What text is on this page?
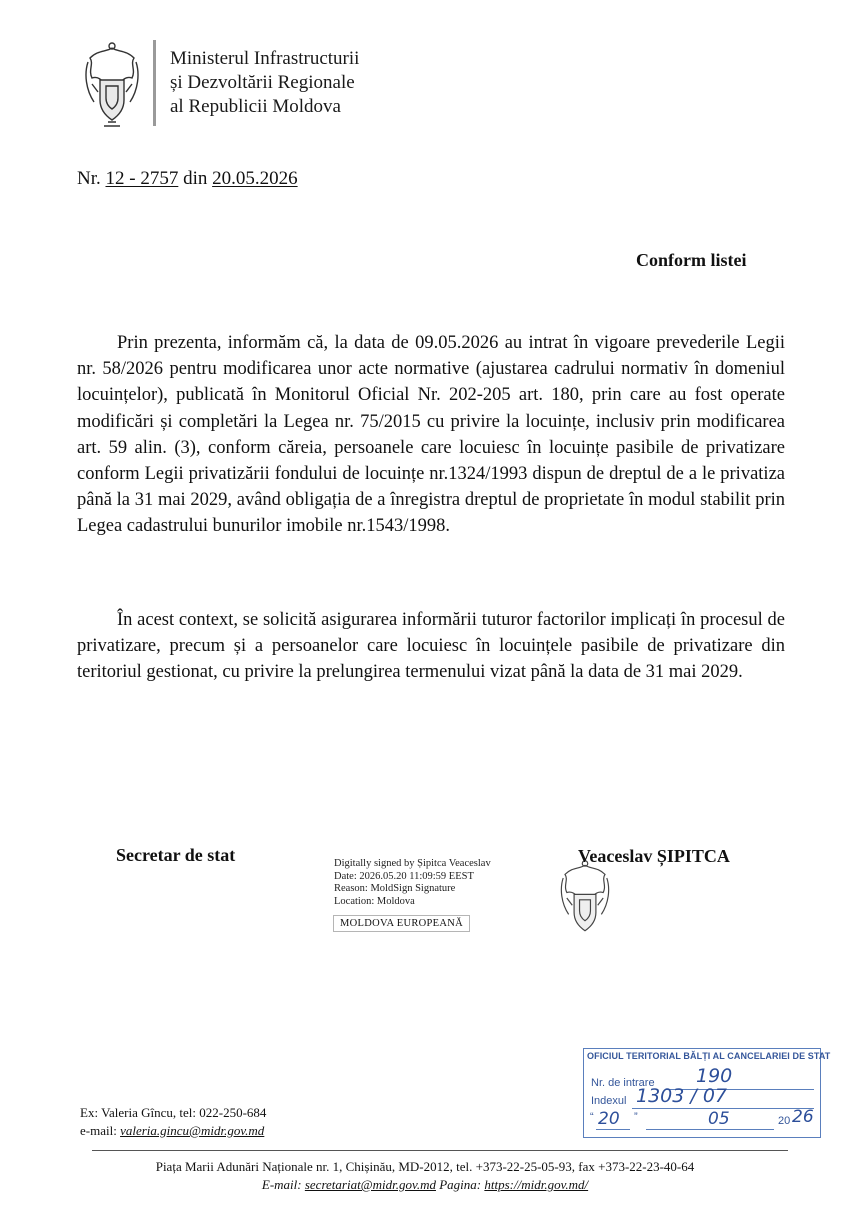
Ministerul Infrastructurii
și Dezvoltării Regionale
al Republicii Moldova
Nr. 12 - 2757 din 20.05.2026
Conform listei

Prin prezenta, informăm că, la data de 09.05.2026 au intrat în vigoare prevederile Legii nr. 58/2026 pentru modificarea unor acte normative (ajustarea cadrului normativ în domeniul locuințelor), publicată în Monitorul Oficial Nr. 202-205 art. 180, prin care au fost operate modificări și completări la Legea nr. 75/2015 cu privire la locuințe, inclusiv prin modificarea art. 59 alin. (3), conform căreia, persoanele care locuiesc în locuințe pasibile de privatizare conform Legii privatizării fondului de locuințe nr.1324/1993 dispun de dreptul de a le privatiza până la 31 mai 2029, având obligația de a înregistra dreptul de proprietate în modul stabilit prin Legea cadastrului bunurilor imobile nr.1543/1998.

În acest context, se solicită asigurarea informării tuturor factorilor implicați în procesul de privatizare, precum și a persoanelor care locuiesc în locuințele pasibile de privatizare din teritoriul gestionat, cu privire la prelungirea termenului vizat până la data de 31 mai 2029.

Secretar de stat	Digitally signed by Șipitca Veaceslav
Date: 2026.05.20 11:09:59 EEST
Reason: MoldSign Signature
Location: Moldova
MOLDOVA EUROPEANĂ
Veaceslav ȘIPITCA
Ex: Valeria Gîncu, tel: 022-250-684
e-mail: valeria.gincu@midr.gov.md
OFICIUL TERITORIAL BĂLȚI AL CANCELARIEI DE STAT
Nr. de intrare 190
Indexul 1303 / 07
“ 20 ”	05	20 26
Piața Marii Adunări Naționale nr. 1, Chișinău, MD-2012, tel. +373-22-25-05-93, fax +373-22-23-40-64
E-mail: secretariat@midr.gov.md Pagina: https://midr.gov.md/
